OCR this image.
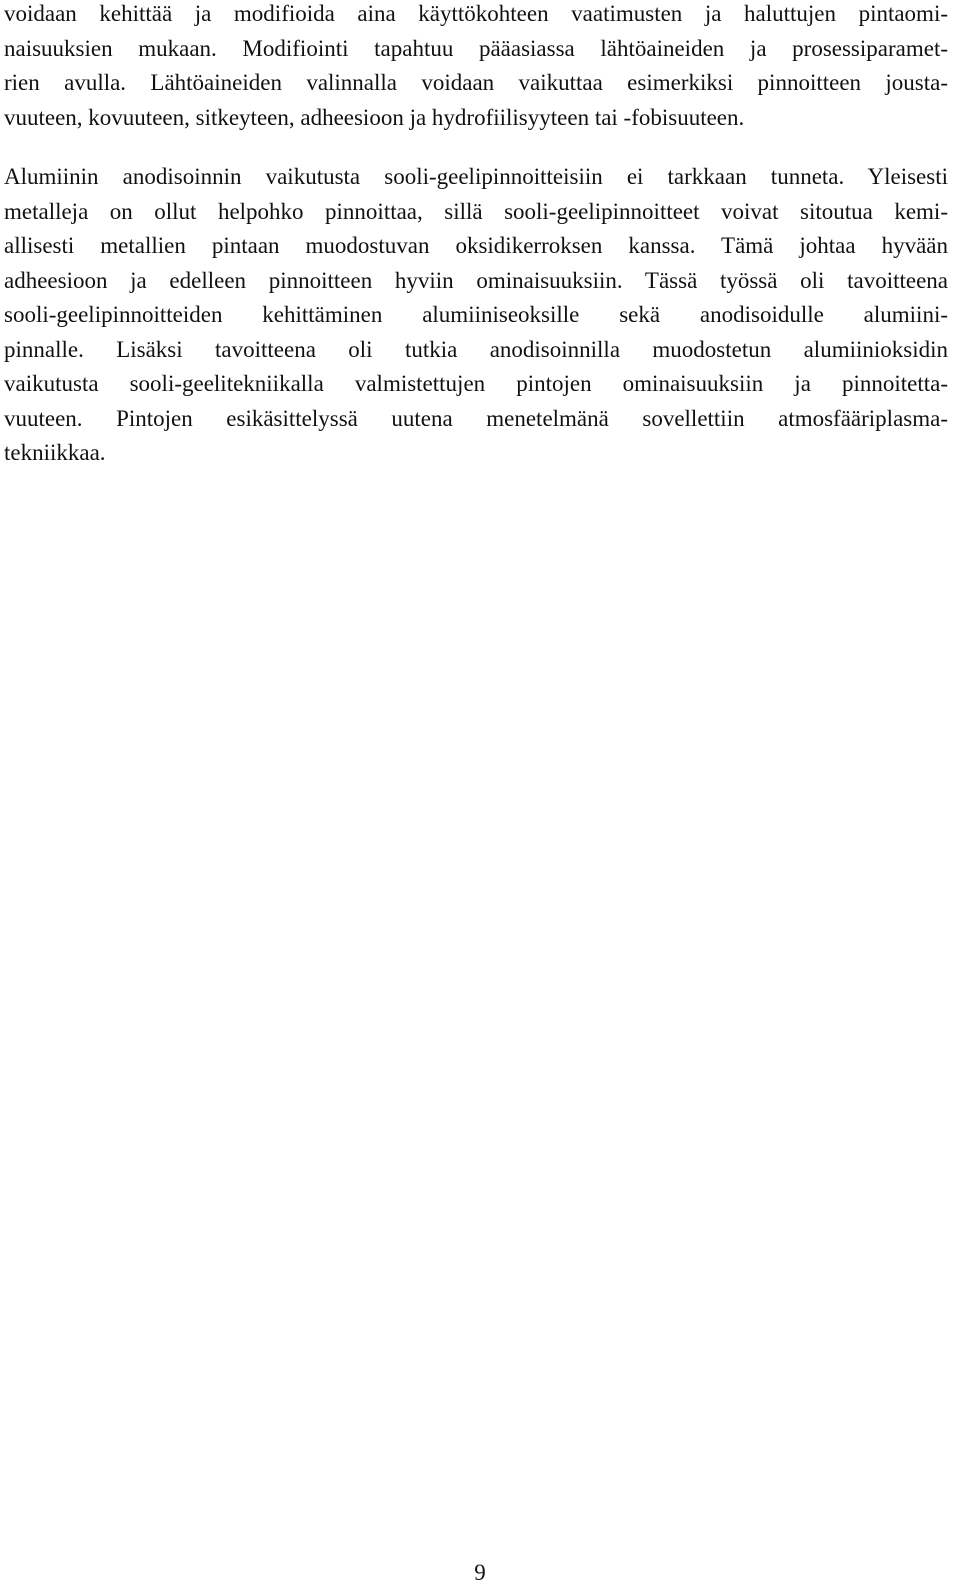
voidaan kehittää ja modifioida aina käyttökohteen vaatimusten ja haluttujen pintaomi-
naisuuksien mukaan. Modifiointi tapahtuu pääasiassa lähtöaineiden ja prosessiparamet-
rien avulla. Lähtöaineiden valinnalla voidaan vaikuttaa esimerkiksi pinnoitteen jousta-
vuuteen, kovuuteen, sitkeyteen, adheesioon ja hydrofiilisyyteen tai -fobisuuteen.

Alumiinin anodisoinnin vaikutusta sooli-geelipinnoitteisiin ei tarkkaan tunneta. Yleisesti
metalleja on ollut helpohko pinnoittaa, sillä sooli-geelipinnoitteet voivat sitoutua kemi-
allisesti metallien pintaan muodostuvan oksidikerroksen kanssa. Tämä johtaa hyvään
adheesioon ja edelleen pinnoitteen hyviin ominaisuuksiin. Tässä työssä oli tavoitteena
sooli-geelipinnoitteiden kehittäminen alumiiniseoksille sekä anodisoidulle alumiini-
pinnalle. Lisäksi tavoitteena oli tutkia anodisoinnilla muodostetun alumiinioksidin
vaikutusta sooli-geelitekniikalla valmistettujen pintojen ominaisuuksiin ja pinnoitetta-
vuuteen. Pintojen esikäsittelyssä uutena menetelmänä sovellettiin atmosfääriplasma-
tekniikkaa.

9
